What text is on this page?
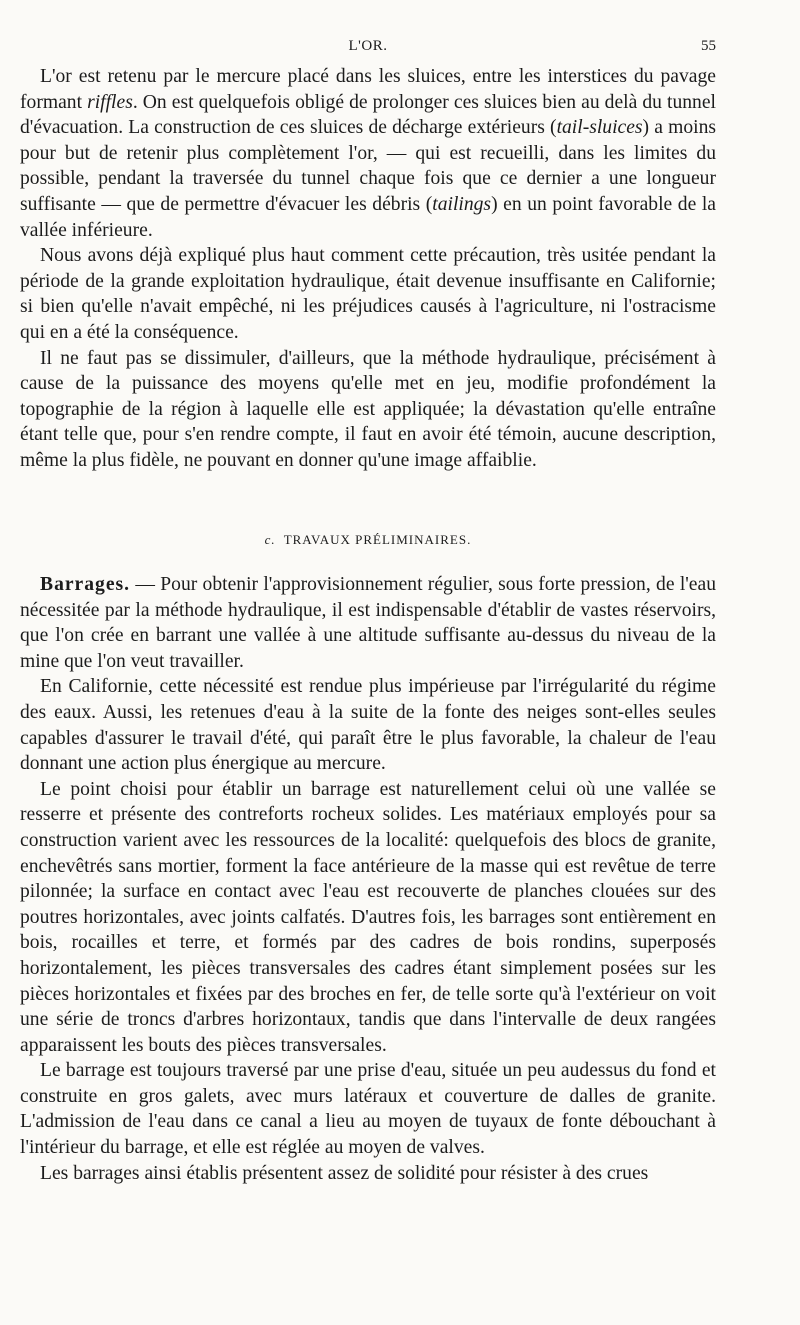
L'OR.	55

L'or est retenu par le mercure placé dans les sluices, entre les interstices du pavage formant riffles. On est quelquefois obligé de prolonger ces sluices bien au delà du tunnel d'évacuation. La construction de ces sluices de décharge extérieurs (tail-sluices) a moins pour but de retenir plus complètement l'or, — qui est recueilli, dans les limites du possible, pendant la traversée du tunnel chaque fois que ce dernier a une longueur suffisante — que de permettre d'évacuer les débris (tailings) en un point favorable de la vallée inférieure.

Nous avons déjà expliqué plus haut comment cette précaution, très usitée pendant la période de la grande exploitation hydraulique, était devenue insuffisante en Californie; si bien qu'elle n'avait empêché, ni les préjudices causés à l'agriculture, ni l'ostracisme qui en a été la conséquence.

Il ne faut pas se dissimuler, d'ailleurs, que la méthode hydraulique, précisément à cause de la puissance des moyens qu'elle met en jeu, modifie profondément la topographie de la région à laquelle elle est appliquée; la dévastation qu'elle entraîne étant telle que, pour s'en rendre compte, il faut en avoir été témoin, aucune description, même la plus fidèle, ne pouvant en donner qu'une image affaiblie.

c. TRAVAUX PRÉLIMINAIRES.

Barrages. — Pour obtenir l'approvisionnement régulier, sous forte pression, de l'eau nécessitée par la méthode hydraulique, il est indispensable d'établir de vastes réservoirs, que l'on crée en barrant une vallée à une altitude suffisante au-dessus du niveau de la mine que l'on veut travailler.

En Californie, cette nécessité est rendue plus impérieuse par l'irrégularité du régime des eaux. Aussi, les retenues d'eau à la suite de la fonte des neiges sont-elles seules capables d'assurer le travail d'été, qui paraît être le plus favorable, la chaleur de l'eau donnant une action plus énergique au mercure.

Le point choisi pour établir un barrage est naturellement celui où une vallée se resserre et présente des contreforts rocheux solides. Les matériaux employés pour sa construction varient avec les ressources de la localité: quelquefois des blocs de granite, enchevêtrés sans mortier, forment la face antérieure de la masse qui est revêtue de terre pilonnée; la surface en contact avec l'eau est recouverte de planches clouées sur des poutres horizontales, avec joints calfatés. D'autres fois, les barrages sont entièrement en bois, rocailles et terre, et formés par des cadres de bois rondins, superposés horizontalement, les pièces transversales des cadres étant simplement posées sur les pièces horizontales et fixées par des broches en fer, de telle sorte qu'à l'extérieur on voit une série de troncs d'arbres horizontaux, tandis que dans l'intervalle de deux rangées apparaissent les bouts des pièces transversales.

Le barrage est toujours traversé par une prise d'eau, située un peu audessus du fond et construite en gros galets, avec murs latéraux et couverture de dalles de granite. L'admission de l'eau dans ce canal a lieu au moyen de tuyaux de fonte débouchant à l'intérieur du barrage, et elle est réglée au moyen de valves.

Les barrages ainsi établis présentent assez de solidité pour résister à des crues
